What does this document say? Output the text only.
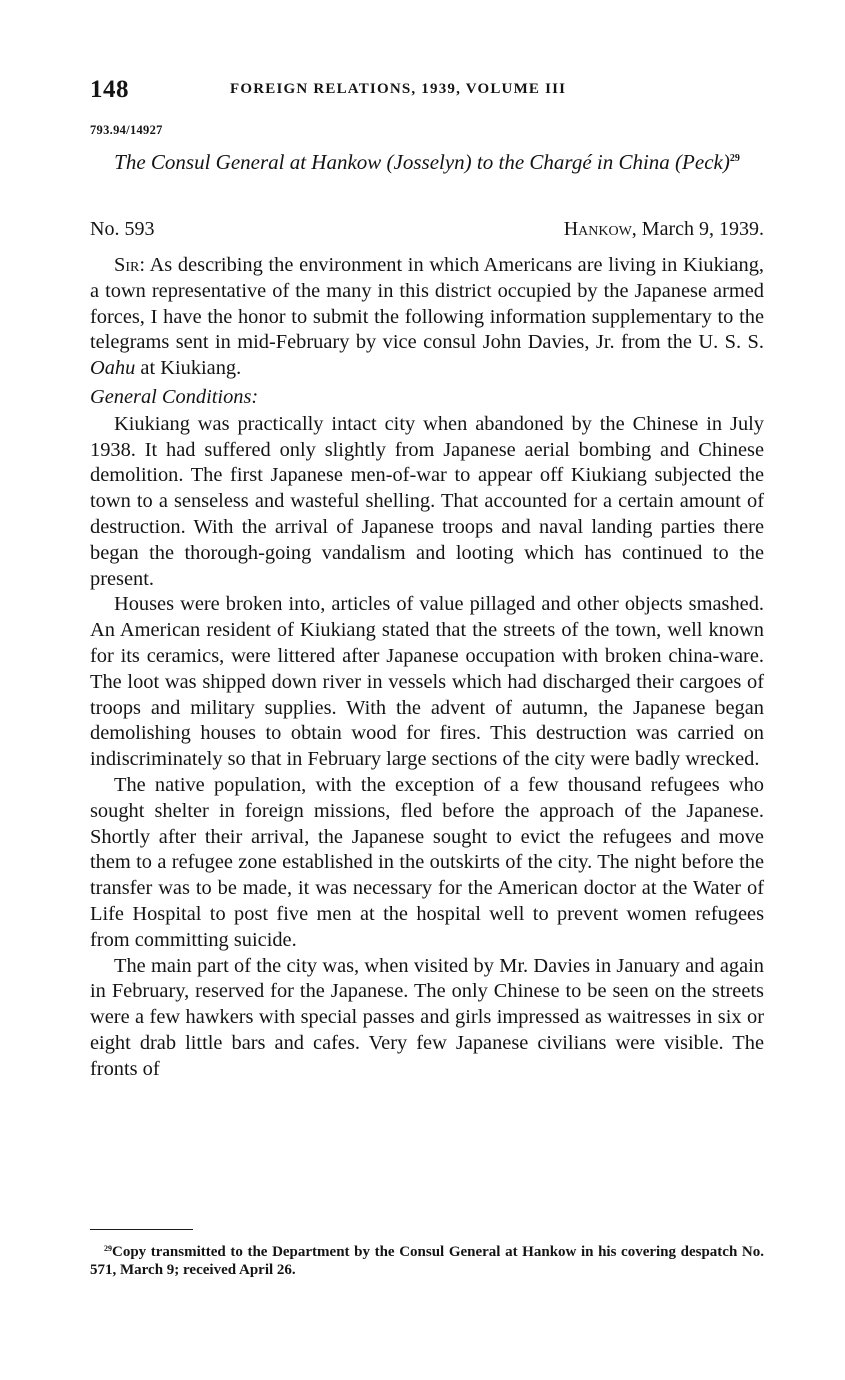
148	FOREIGN RELATIONS, 1939, VOLUME III
793.94/14927
The Consul General at Hankow (Josselyn) to the Chargé in China (Peck)$^{29}$
No. 593	Hankow, March 9, 1939.

Sir: As describing the environment in which Americans are living in Kiukiang, a town representative of the many in this district occupied by the Japanese armed forces, I have the honor to submit the following information supplementary to the telegrams sent in mid-February by vice consul John Davies, Jr. from the U. S. S. Oahu at Kiukiang.

General Conditions:

Kiukiang was practically intact city when abandoned by the Chinese in July 1938. It had suffered only slightly from Japanese aerial bombing and Chinese demolition. The first Japanese men-of-war to appear off Kiukiang subjected the town to a senseless and wasteful shelling. That accounted for a certain amount of destruction. With the arrival of Japanese troops and naval landing parties there began the thorough-going vandalism and looting which has continued to the present.

Houses were broken into, articles of value pillaged and other objects smashed. An American resident of Kiukiang stated that the streets of the town, well known for its ceramics, were littered after Japanese occupation with broken china-ware. The loot was shipped down river in vessels which had discharged their cargoes of troops and military supplies. With the advent of autumn, the Japanese began demolishing houses to obtain wood for fires. This destruction was carried on indiscriminately so that in February large sections of the city were badly wrecked.

The native population, with the exception of a few thousand refugees who sought shelter in foreign missions, fled before the approach of the Japanese. Shortly after their arrival, the Japanese sought to evict the refugees and move them to a refugee zone established in the outskirts of the city. The night before the transfer was to be made, it was necessary for the American doctor at the Water of Life Hospital to post five men at the hospital well to prevent women refugees from committing suicide.

The main part of the city was, when visited by Mr. Davies in January and again in February, reserved for the Japanese. The only Chinese to be seen on the streets were a few hawkers with special passes and girls impressed as waitresses in six or eight drab little bars and cafes. Very few Japanese civilians were visible. The fronts of

$^{29}$Copy transmitted to the Department by the Consul General at Hankow in his covering despatch No. 571, March 9; received April 26.
